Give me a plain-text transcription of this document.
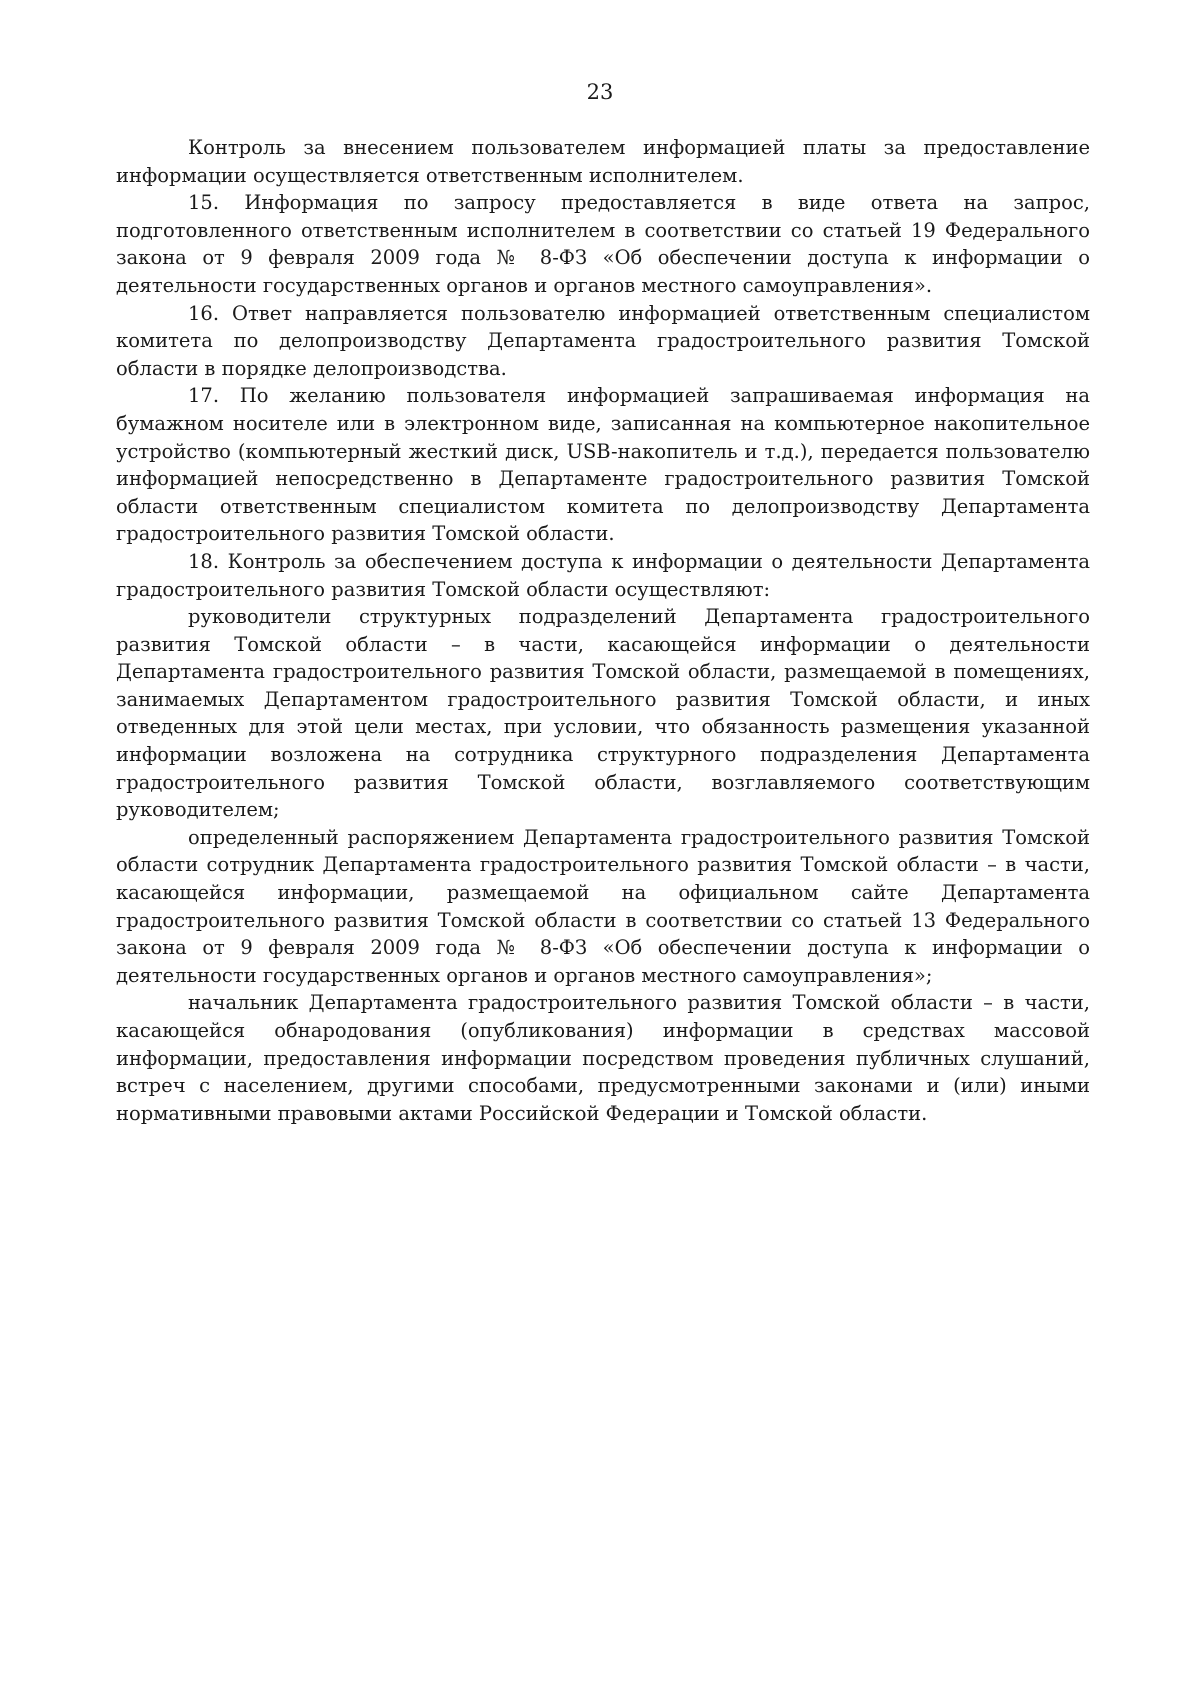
23

Контроль за внесением пользователем информацией платы за предоставление информации осуществляется ответственным исполнителем.

15. Информация по запросу предоставляется в виде ответа на запрос, подготовленного ответственным исполнителем в соответствии со статьей 19 Федерального закона от 9 февраля 2009 года № 8-ФЗ «Об обеспечении доступа к информации о деятельности государственных органов и органов местного самоуправления».

16. Ответ направляется пользователю информацией ответственным специалистом комитета по делопроизводству Департамента градостроительного развития Томской области в порядке делопроизводства.

17. По желанию пользователя информацией запрашиваемая информация на бумажном носителе или в электронном виде, записанная на компьютерное накопительное устройство (компьютерный жесткий диск, USB-накопитель и т.д.), передается пользователю информацией непосредственно в Департаменте градостроительного развития Томской области ответственным специалистом комитета по делопроизводству Департамента градостроительного развития Томской области.

18. Контроль за обеспечением доступа к информации о деятельности Департамента градостроительного развития Томской области осуществляют:

руководители структурных подразделений Департамента градостроительного развития Томской области – в части, касающейся информации о деятельности Департамента градостроительного развития Томской области, размещаемой в помещениях, занимаемых Департаментом градостроительного развития Томской области, и иных отведенных для этой цели местах, при условии, что обязанность размещения указанной информации возложена на сотрудника структурного подразделения Департамента градостроительного развития Томской области, возглавляемого соответствующим руководителем;

определенный распоряжением Департамента градостроительного развития Томской области сотрудник Департамента градостроительного развития Томской области – в части, касающейся информации, размещаемой на официальном сайте Департамента градостроительного развития Томской области в соответствии со статьей 13 Федерального закона от 9 февраля 2009 года № 8-ФЗ «Об обеспечении доступа к информации о деятельности государственных органов и органов местного самоуправления»;

начальник Департамента градостроительного развития Томской области – в части, касающейся обнародования (опубликования) информации в средствах массовой информации, предоставления информации посредством проведения публичных слушаний, встреч с населением, другими способами, предусмотренными законами и (или) иными нормативными правовыми актами Российской Федерации и Томской области.
